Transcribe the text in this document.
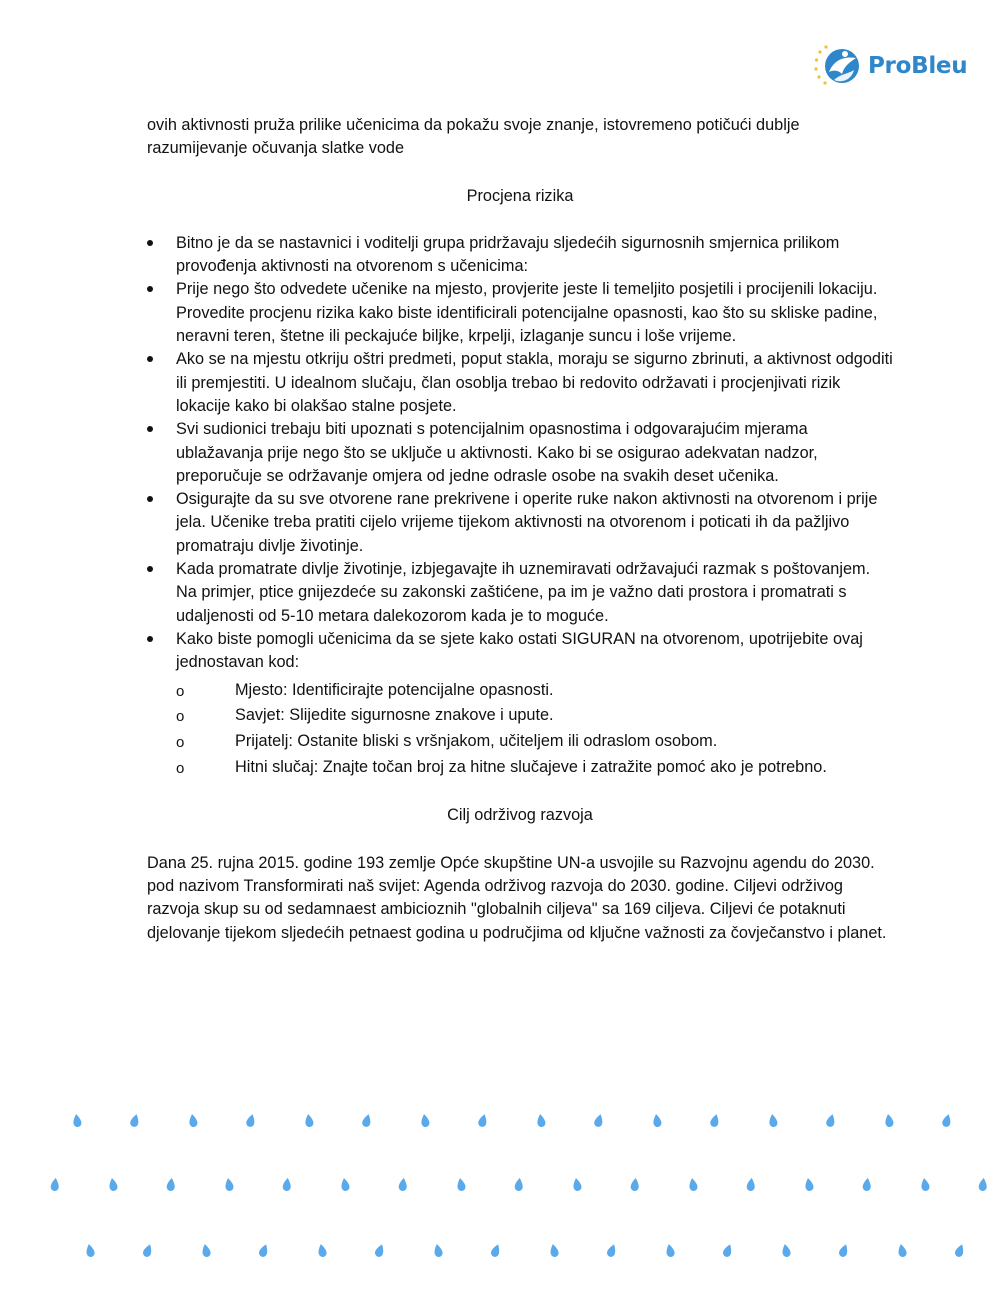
ProBleu

ovih aktivnosti pruža prilike učenicima da pokažu svoje znanje, istovremeno potičući dublje razumijevanje očuvanja slatke vode

Procjena rizika

Bitno je da se nastavnici i voditelji grupa pridržavaju sljedećih sigurnosnih smjernica prilikom provođenja aktivnosti na otvorenom s učenicima:
Prije nego što odvedete učenike na mjesto, provjerite jeste li temeljito posjetili i procijenili lokaciju. Provedite procjenu rizika kako biste identificirali potencijalne opasnosti, kao što su skliske padine, neravni teren, štetne ili peckajuće biljke, krpelji, izlaganje suncu i loše vrijeme.
Ako se na mjestu otkriju oštri predmeti, poput stakla, moraju se sigurno zbrinuti, a aktivnost odgoditi ili premjestiti. U idealnom slučaju, član osoblja trebao bi redovito održavati i procjenjivati rizik lokacije kako bi olakšao stalne posjete.
Svi sudionici trebaju biti upoznati s potencijalnim opasnostima i odgovarajućim mjerama ublažavanja prije nego što se uključe u aktivnosti. Kako bi se osigurao adekvatan nadzor, preporučuje se održavanje omjera od jedne odrasle osobe na svakih deset učenika.
Osigurajte da su sve otvorene rane prekrivene i operite ruke nakon aktivnosti na otvorenom i prije jela. Učenike treba pratiti cijelo vrijeme tijekom aktivnosti na otvorenom i poticati ih da pažljivo promatraju divlje životinje.
Kada promatrate divlje životinje, izbjegavajte ih uznemiravati održavajući razmak s poštovanjem. Na primjer, ptice gnijezdeće su zakonski zaštićene, pa im je važno dati prostora i promatrati s udaljenosti od 5-10 metara dalekozorom kada je to moguće.
Kako biste pomogli učenicima da se sjete kako ostati SIGURAN na otvorenom, upotrijebite ovaj jednostavan kod:
o Mjesto: Identificirajte potencijalne opasnosti.
o Savjet: Slijedite sigurnosne znakove i upute.
o Prijatelj: Ostanite bliski s vršnjakom, učiteljem ili odraslom osobom.
o Hitni slučaj: Znajte točan broj za hitne slučajeve i zatražite pomoć ako je potrebno.

Cilj održivog razvoja

Dana 25. rujna 2015. godine 193 zemlje Opće skupštine UN-a usvojile su Razvojnu agendu do 2030. pod nazivom Transformirati naš svijet: Agenda održivog razvoja do 2030. godine. Ciljevi održivog razvoja skup su od sedamnaest ambicioznih "globalnih ciljeva" sa 169 ciljeva. Ciljevi će potaknuti djelovanje tijekom sljedećih petnaest godina u područjima od ključne važnosti za čovječanstvo i planet.
